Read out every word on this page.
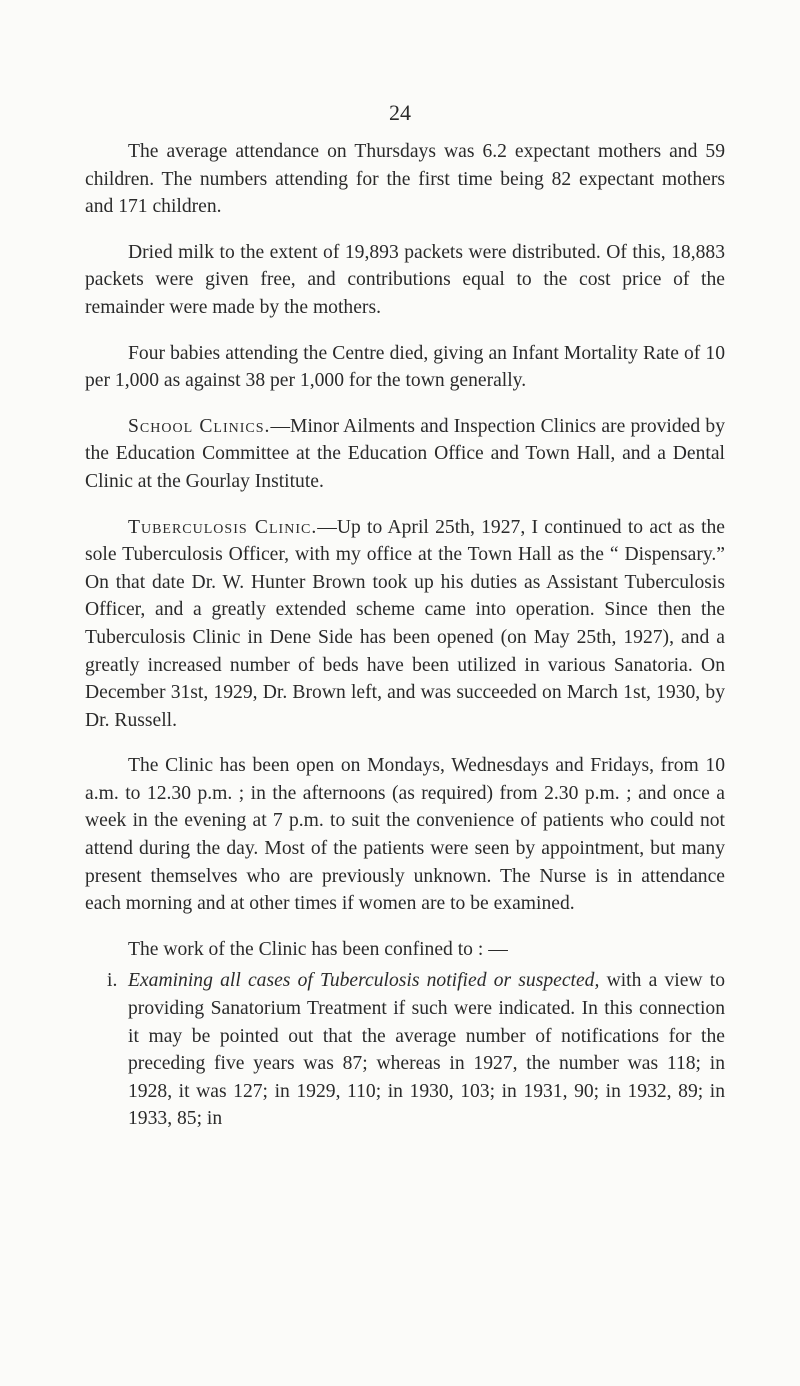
24

The average attendance on Thursdays was 6.2 expectant mothers and 59 children. The numbers attending for the first time being 82 expectant mothers and 171 children.

Dried milk to the extent of 19,893 packets were distributed. Of this, 18,883 packets were given free, and contributions equal to the cost price of the remainder were made by the mothers.

Four babies attending the Centre died, giving an Infant Mortality Rate of 10 per 1,000 as against 38 per 1,000 for the town generally.

School Clinics.—Minor Ailments and Inspection Clinics are provided by the Education Committee at the Education Office and Town Hall, and a Dental Clinic at the Gourlay Institute.

Tuberculosis Clinic.—Up to April 25th, 1927, I continued to act as the sole Tuberculosis Officer, with my office at the Town Hall as the “ Dispensary.” On that date Dr. W. Hunter Brown took up his duties as Assistant Tuberculosis Officer, and a greatly extended scheme came into operation. Since then the Tuberculosis Clinic in Dene Side has been opened (on May 25th, 1927), and a greatly increased number of beds have been utilized in various Sanatoria. On December 31st, 1929, Dr. Brown left, and was succeeded on March 1st, 1930, by Dr. Russell.

The Clinic has been open on Mondays, Wednesdays and Fridays, from 10 a.m. to 12.30 p.m. ; in the afternoons (as required) from 2.30 p.m. ; and once a week in the evening at 7 p.m. to suit the convenience of patients who could not attend during the day. Most of the patients were seen by appointment, but many present themselves who are previously unknown. The Nurse is in attendance each morning and at other times if women are to be examined.

The work of the Clinic has been confined to : —

i. Examining all cases of Tuberculosis notified or suspected, with a view to providing Sanatorium Treatment if such were indicated. In this connection it may be pointed out that the average number of notifications for the preceding five years was 87; whereas in 1927, the number was 118; in 1928, it was 127; in 1929, 110; in 1930, 103; in 1931, 90; in 1932, 89; in 1933, 85; in
